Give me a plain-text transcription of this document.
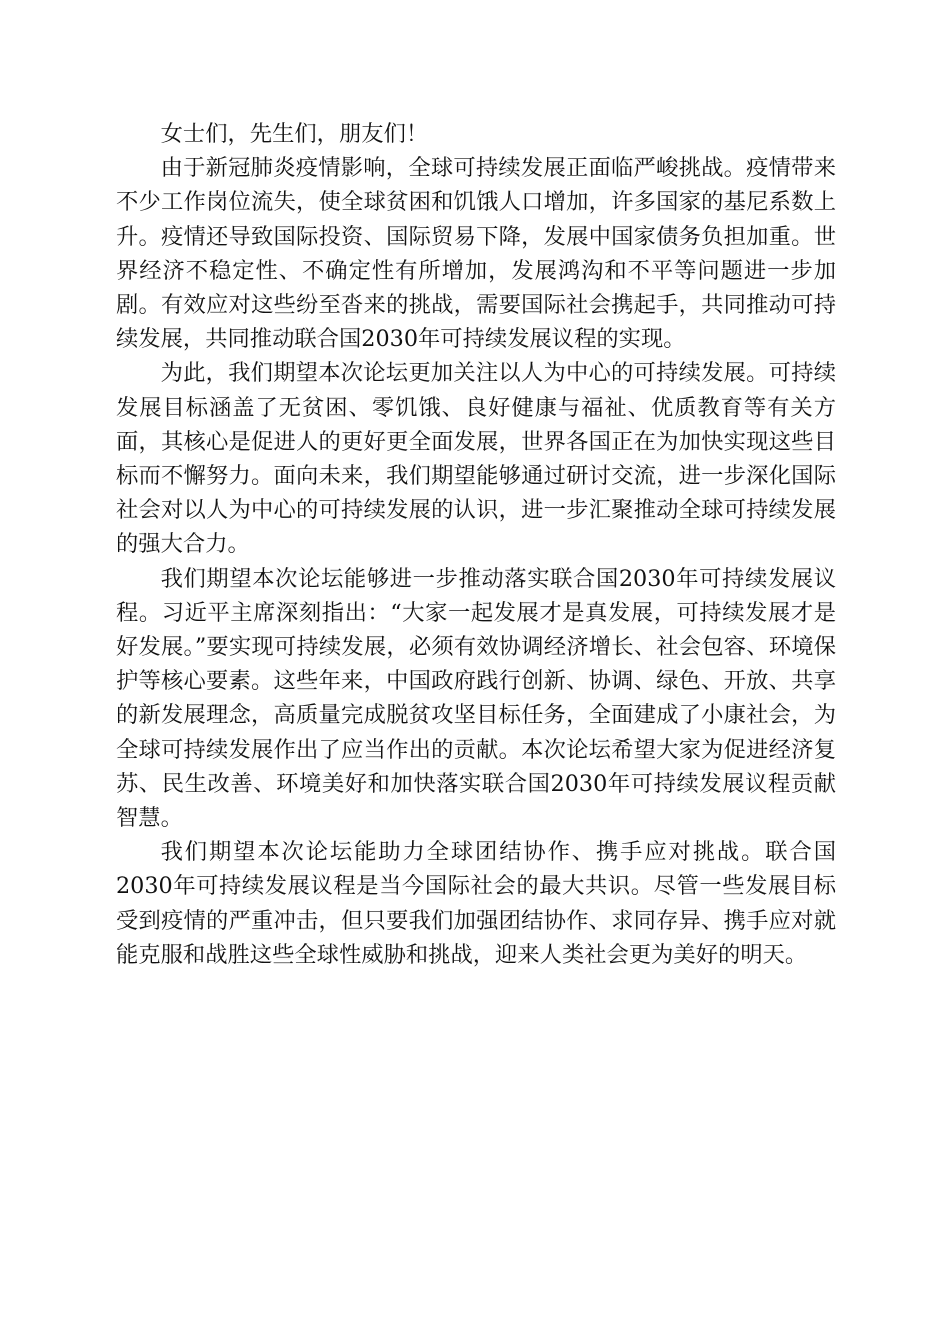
女士们，先生们，朋友们！

由于新冠肺炎疫情影响，全球可持续发展正面临严峻挑战。疫情带来不少工作岗位流失，使全球贫困和饥饿人口增加，许多国家的基尼系数上升。疫情还导致国际投资、国际贸易下降，发展中国家债务负担加重。世界经济不稳定性、不确定性有所增加，发展鸿沟和不平等问题进一步加剧。有效应对这些纷至沓来的挑战，需要国际社会携起手，共同推动可持续发展，共同推动联合国2030年可持续发展议程的实现。

为此，我们期望本次论坛更加关注以人为中心的可持续发展。可持续发展目标涵盖了无贫困、零饥饿、良好健康与福祉、优质教育等有关方面，其核心是促进人的更好更全面发展，世界各国正在为加快实现这些目标而不懈努力。面向未来，我们期望能够通过研讨交流，进一步深化国际社会对以人为中心的可持续发展的认识，进一步汇聚推动全球可持续发展的强大合力。

我们期望本次论坛能够进一步推动落实联合国2030年可持续发展议程。习近平主席深刻指出：“大家一起发展才是真发展，可持续发展才是好发展。”要实现可持续发展，必须有效协调经济增长、社会包容、环境保护等核心要素。这些年来，中国政府践行创新、协调、绿色、开放、共享的新发展理念，高质量完成脱贫攻坚目标任务，全面建成了小康社会，为全球可持续发展作出了应当作出的贡献。本次论坛希望大家为促进经济复苏、民生改善、环境美好和加快落实联合国2030年可持续发展议程贡献智慧。

我们期望本次论坛能助力全球团结协作、携手应对挑战。联合国2030年可持续发展议程是当今国际社会的最大共识。尽管一些发展目标受到疫情的严重冲击，但只要我们加强团结协作、求同存异、携手应对就能克服和战胜这些全球性威胁和挑战，迎来人类社会更为美好的明天。
